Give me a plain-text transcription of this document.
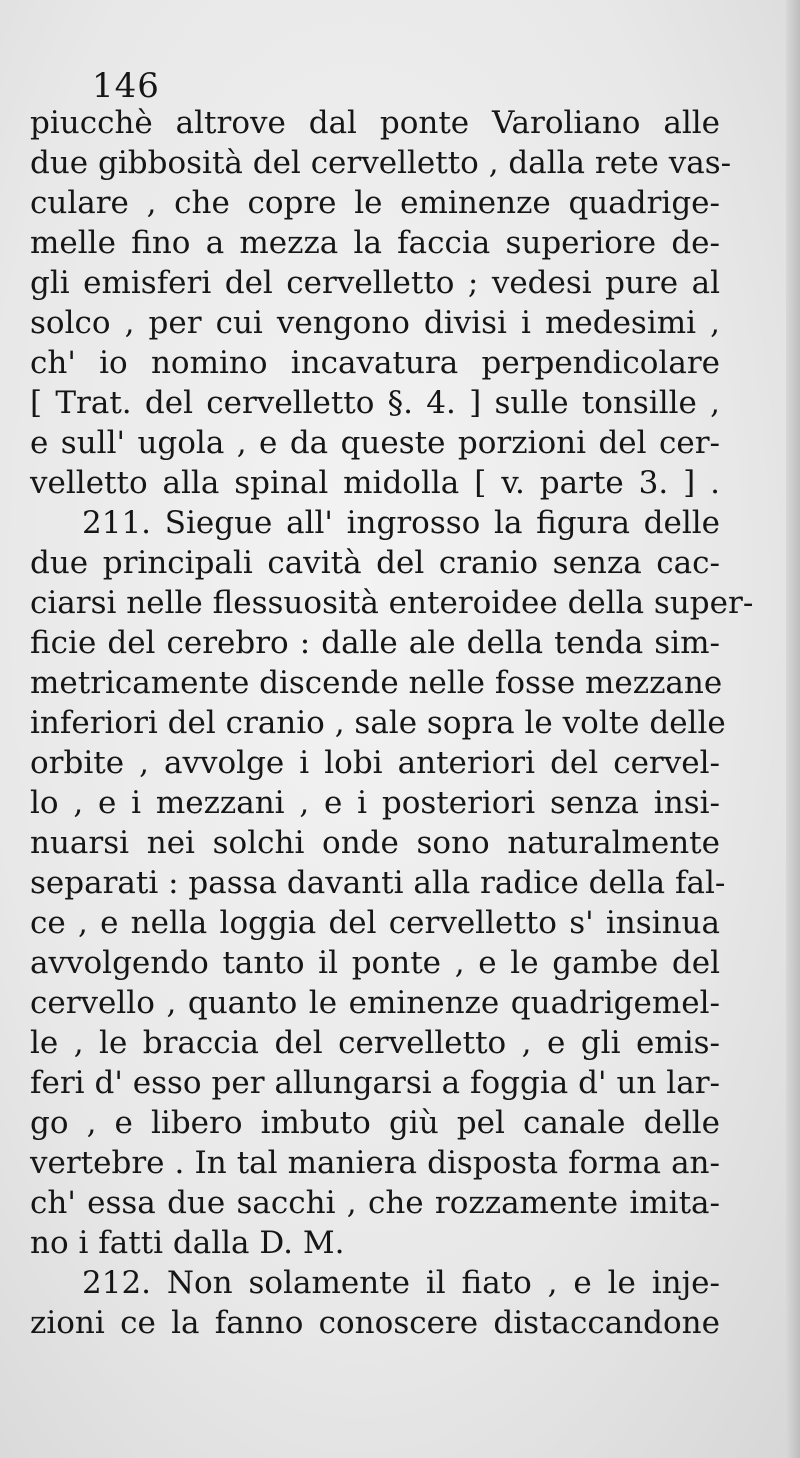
146
piucchè altrove dal ponte Varoliano alle
due gibbosità del cervelletto , dalla rete vas-
culare , che copre le eminenze quadrige-
melle fino a mezza la faccia superiore de-
gli emisferi del cervelletto ; vedesi pure al
solco , per cui vengono divisi i medesimi ,
ch' io nomino incavatura perpendicolare
[ Trat. del cervelletto §. 4. ] sulle tonsille ,
e sull' ugola , e da queste porzioni del cer-
velletto alla spinal midolla [ v. parte 3. ] .
211. Siegue all' ingrosso la figura delle
due principali cavità del cranio senza cac-
ciarsi nelle flessuosità enteroidee della super-
ficie del cerebro : dalle ale della tenda sim-
metricamente discende nelle fosse mezzane
inferiori del cranio , sale sopra le volte delle
orbite , avvolge i lobi anteriori del cervel-
lo , e i mezzani , e i posteriori senza insi-
nuarsi nei solchi onde sono naturalmente
separati : passa davanti alla radice della fal-
ce , e nella loggia del cervelletto s' insinua
avvolgendo tanto il ponte , e le gambe del
cervello , quanto le eminenze quadrigemel-
le , le braccia del cervelletto , e gli emis-
feri d' esso per allungarsi a foggia d' un lar-
go , e libero imbuto giù pel canale delle
vertebre . In tal maniera disposta forma an-
ch' essa due sacchi , che rozzamente imita-
no i fatti dalla D. M.
212. Non solamente il fiato , e le inje-
zioni ce la fanno conoscere distaccandone
